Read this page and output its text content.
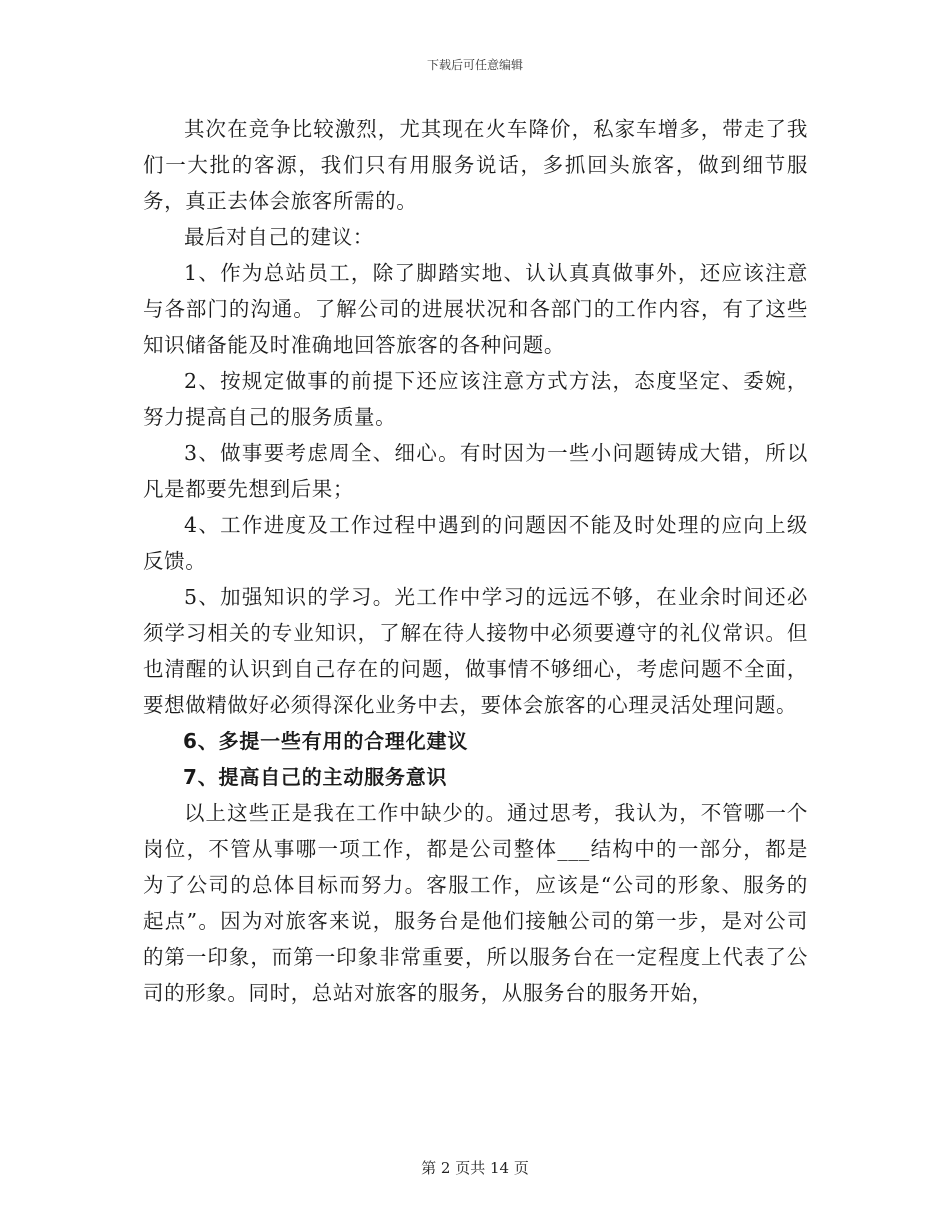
下载后可任意编辑

其次在竞争比较激烈，尤其现在火车降价，私家车增多，带走了我们一大批的客源，我们只有用服务说话，多抓回头旅客，做到细节服务，真正去体会旅客所需的。

最后对自己的建议：

1、作为总站员工，除了脚踏实地、认认真真做事外，还应该注意与各部门的沟通。了解公司的进展状况和各部门的工作内容，有了这些知识储备能及时准确地回答旅客的各种问题。

2、按规定做事的前提下还应该注意方式方法，态度坚定、委婉，努力提高自己的服务质量。

3、做事要考虑周全、细心。有时因为一些小问题铸成大错，所以凡是都要先想到后果；

4、工作进度及工作过程中遇到的问题因不能及时处理的应向上级反馈。

5、加强知识的学习。光工作中学习的远远不够，在业余时间还必须学习相关的专业知识，了解在待人接物中必须要遵守的礼仪常识。但也清醒的认识到自己存在的问题，做事情不够细心，考虑问题不全面，要想做精做好必须得深化业务中去，要体会旅客的心理灵活处理问题。

6、多提一些有用的合理化建议

7、提高自己的主动服务意识

以上这些正是我在工作中缺少的。通过思考，我认为，不管哪一个岗位，不管从事哪一项工作，都是公司整体___结构中的一部分，都是为了公司的总体目标而努力。客服工作，应该是“公司的形象、服务的起点”。因为对旅客来说，服务台是他们接触公司的第一步，是对公司的第一印象，而第一印象非常重要，所以服务台在一定程度上代表了公司的形象。同时，总站对旅客的服务，从服务台的服务开始，

第 2 页共 14 页
